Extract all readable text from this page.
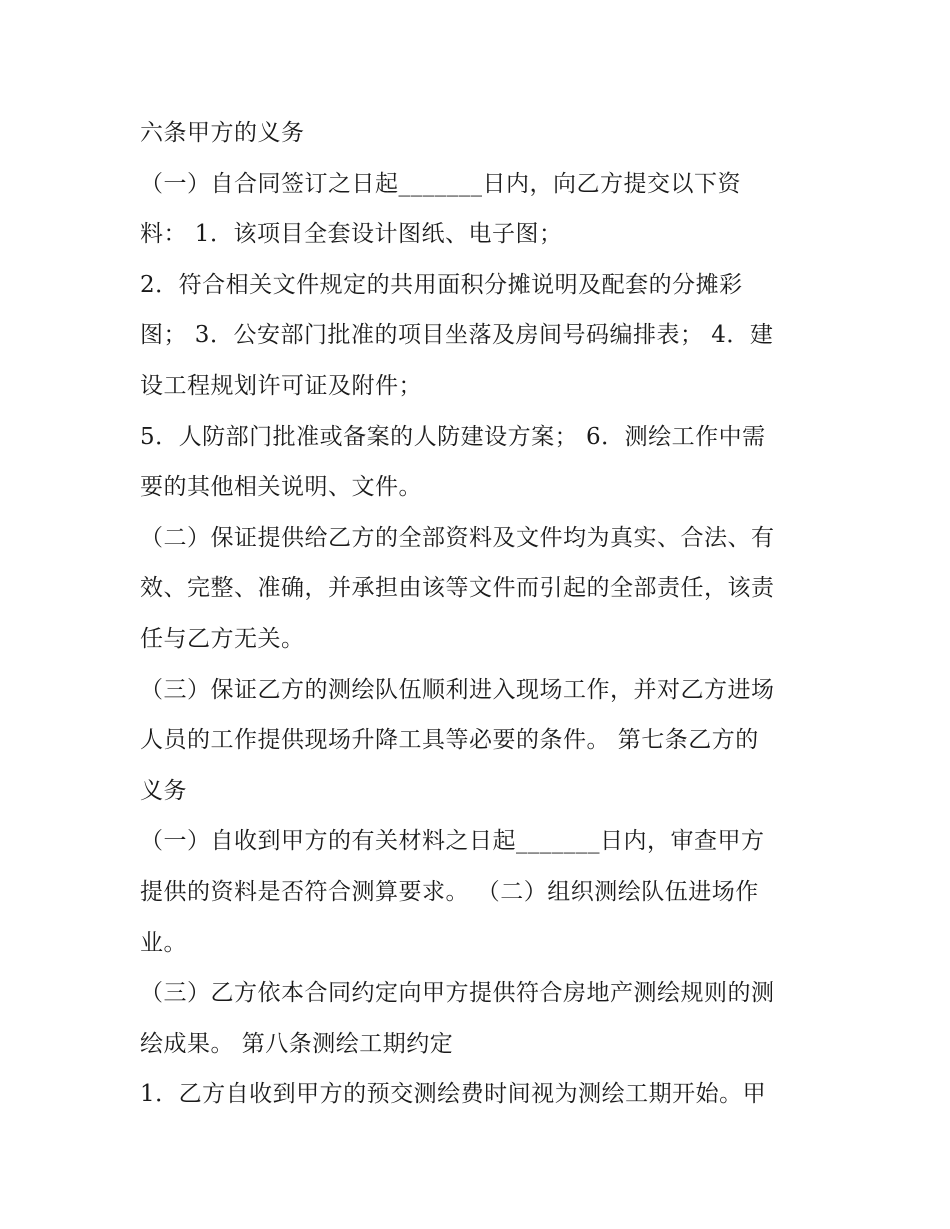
六条甲方的义务
（一）自合同签订之日起_______日内，向乙方提交以下资
料： 1．该项目全套设计图纸、电子图；
2．符合相关文件规定的共用面积分摊说明及配套的分摊彩
图； 3．公安部门批准的项目坐落及房间号码编排表； 4．建
设工程规划许可证及附件；
5．人防部门批准或备案的人防建设方案； 6．测绘工作中需
要的其他相关说明、文件。
（二）保证提供给乙方的全部资料及文件均为真实、合法、有
效、完整、准确，并承担由该等文件而引起的全部责任，该责
任与乙方无关。
（三）保证乙方的测绘队伍顺利进入现场工作，并对乙方进场
人员的工作提供现场升降工具等必要的条件。 第七条乙方的
义务
（一）自收到甲方的有关材料之日起_______日内，审查甲方
提供的资料是否符合测算要求。 （二）组织测绘队伍进场作
业。
（三）乙方依本合同约定向甲方提供符合房地产测绘规则的测
绘成果。 第八条测绘工期约定
1．乙方自收到甲方的预交测绘费时间视为测绘工期开始。甲
